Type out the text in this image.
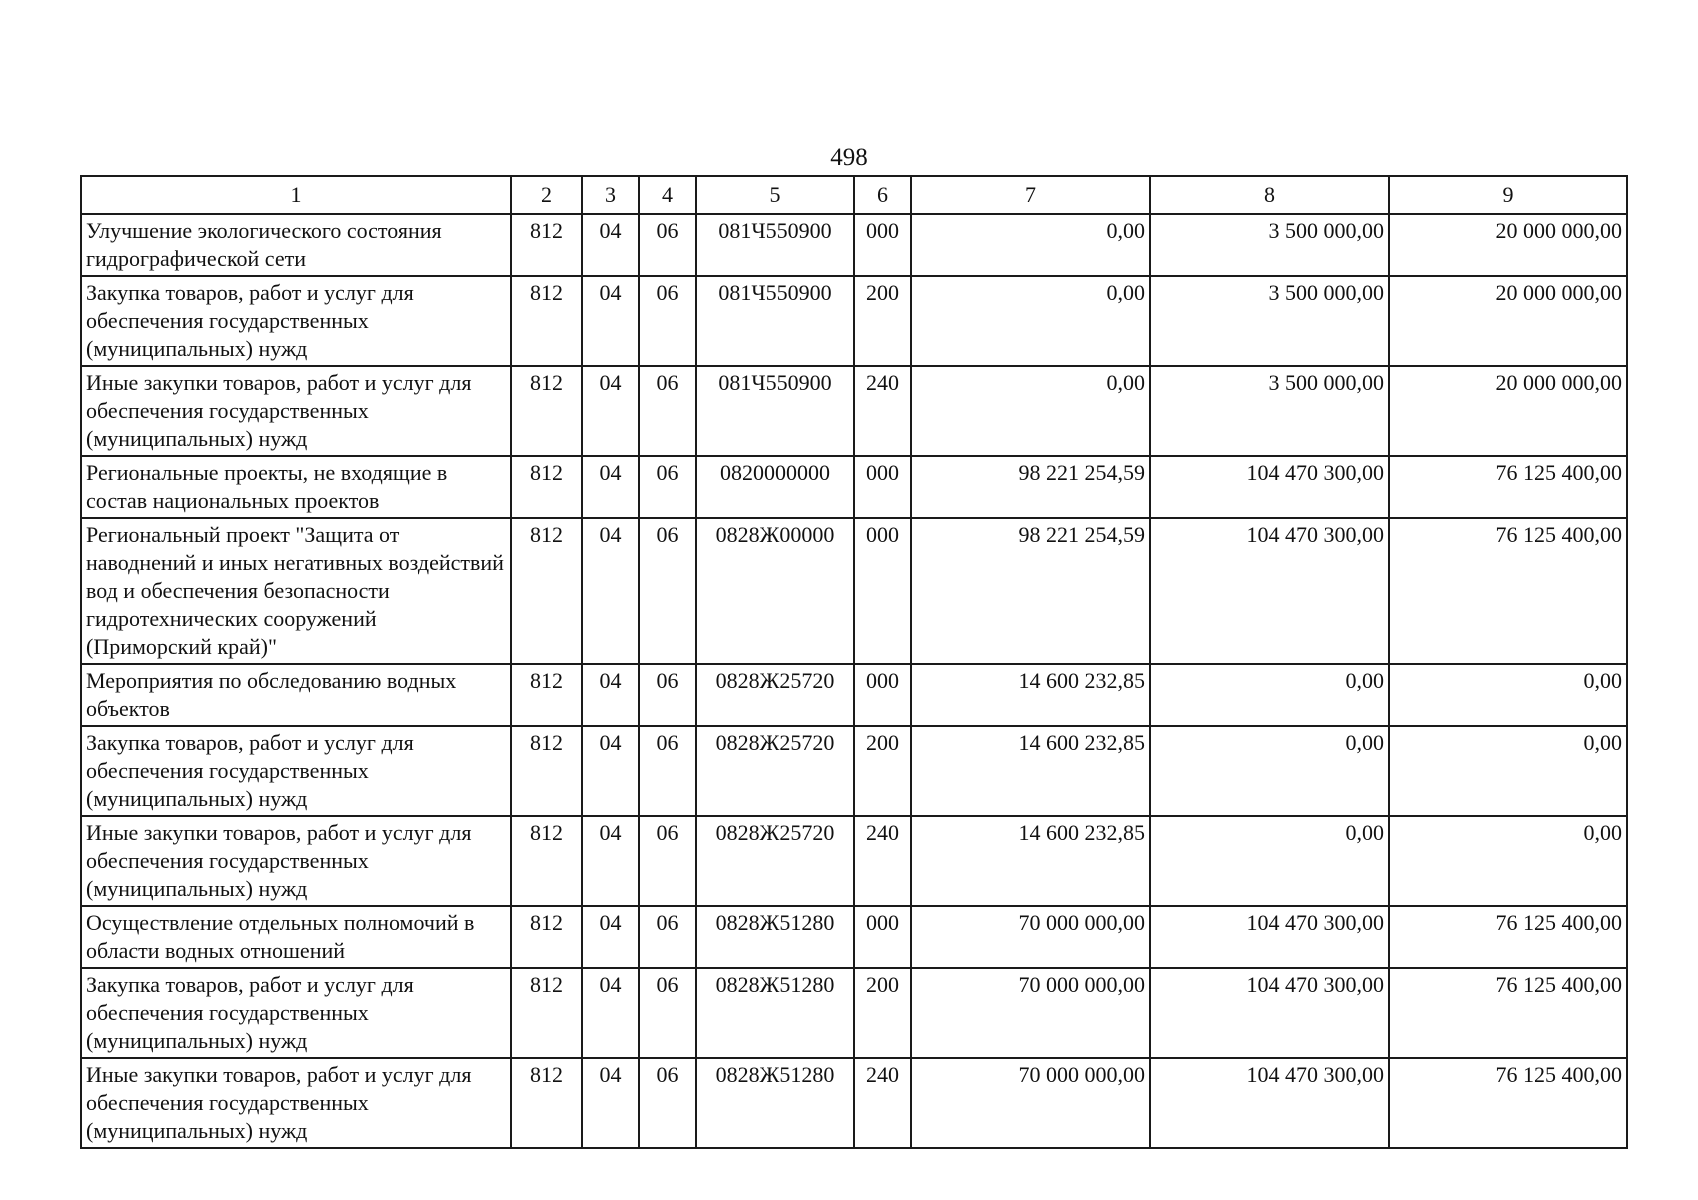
498
1	2	3	4	5	6	7	8	9
Улучшение экологического состояния гидрографической сети	812	04	06	081Ч550900	000	0,00	3 500 000,00	20 000 000,00
Закупка товаров, работ и услуг для обеспечения государственных (муниципальных) нужд	812	04	06	081Ч550900	200	0,00	3 500 000,00	20 000 000,00
Иные закупки товаров, работ и услуг для обеспечения государственных (муниципальных) нужд	812	04	06	081Ч550900	240	0,00	3 500 000,00	20 000 000,00
Региональные проекты, не входящие в состав национальных проектов	812	04	06	0820000000	000	98 221 254,59	104 470 300,00	76 125 400,00
Региональный проект "Защита от наводнений и иных негативных воздействий вод и обеспечения безопасности гидротехнических сооружений (Приморский край)"	812	04	06	0828Ж00000	000	98 221 254,59	104 470 300,00	76 125 400,00
Мероприятия по обследованию водных объектов	812	04	06	0828Ж25720	000	14 600 232,85	0,00	0,00
Закупка товаров, работ и услуг для обеспечения государственных (муниципальных) нужд	812	04	06	0828Ж25720	200	14 600 232,85	0,00	0,00
Иные закупки товаров, работ и услуг для обеспечения государственных (муниципальных) нужд	812	04	06	0828Ж25720	240	14 600 232,85	0,00	0,00
Осуществление отдельных полномочий в области водных отношений	812	04	06	0828Ж51280	000	70 000 000,00	104 470 300,00	76 125 400,00
Закупка товаров, работ и услуг для обеспечения государственных (муниципальных) нужд	812	04	06	0828Ж51280	200	70 000 000,00	104 470 300,00	76 125 400,00
Иные закупки товаров, работ и услуг для обеспечения государственных (муниципальных) нужд	812	04	06	0828Ж51280	240	70 000 000,00	104 470 300,00	76 125 400,00
